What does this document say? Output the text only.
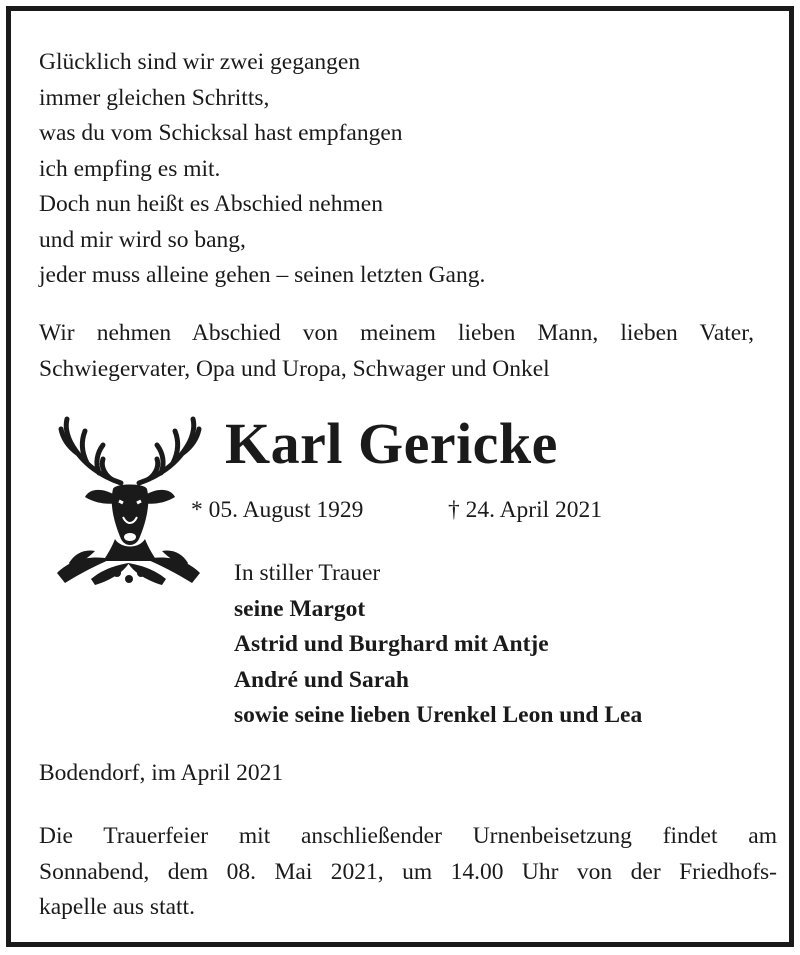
Glücklich sind wir zwei gegangen
immer gleichen Schritts,
was du vom Schicksal hast empfangen
ich empfing es mit.
Doch nun heißt es Abschied nehmen
und mir wird so bang,
jeder muss alleine gehen – seinen letzten Gang.
Wir nehmen Abschied von meinem lieben Mann, lieben Vater,
Schwiegervater, Opa und Uropa, Schwager und Onkel
Karl Gericke
* 05. August 1929	† 24. April 2021
In stiller Trauer
seine Margot
Astrid und Burghard mit Antje
André und Sarah
sowie seine lieben Urenkel Leon und Lea
Bodendorf, im April 2021
Die Trauerfeier mit anschließender Urnenbeisetzung findet am
Sonnabend, dem 08. Mai 2021, um 14.00 Uhr von der Friedhofs-
kapelle aus statt.
